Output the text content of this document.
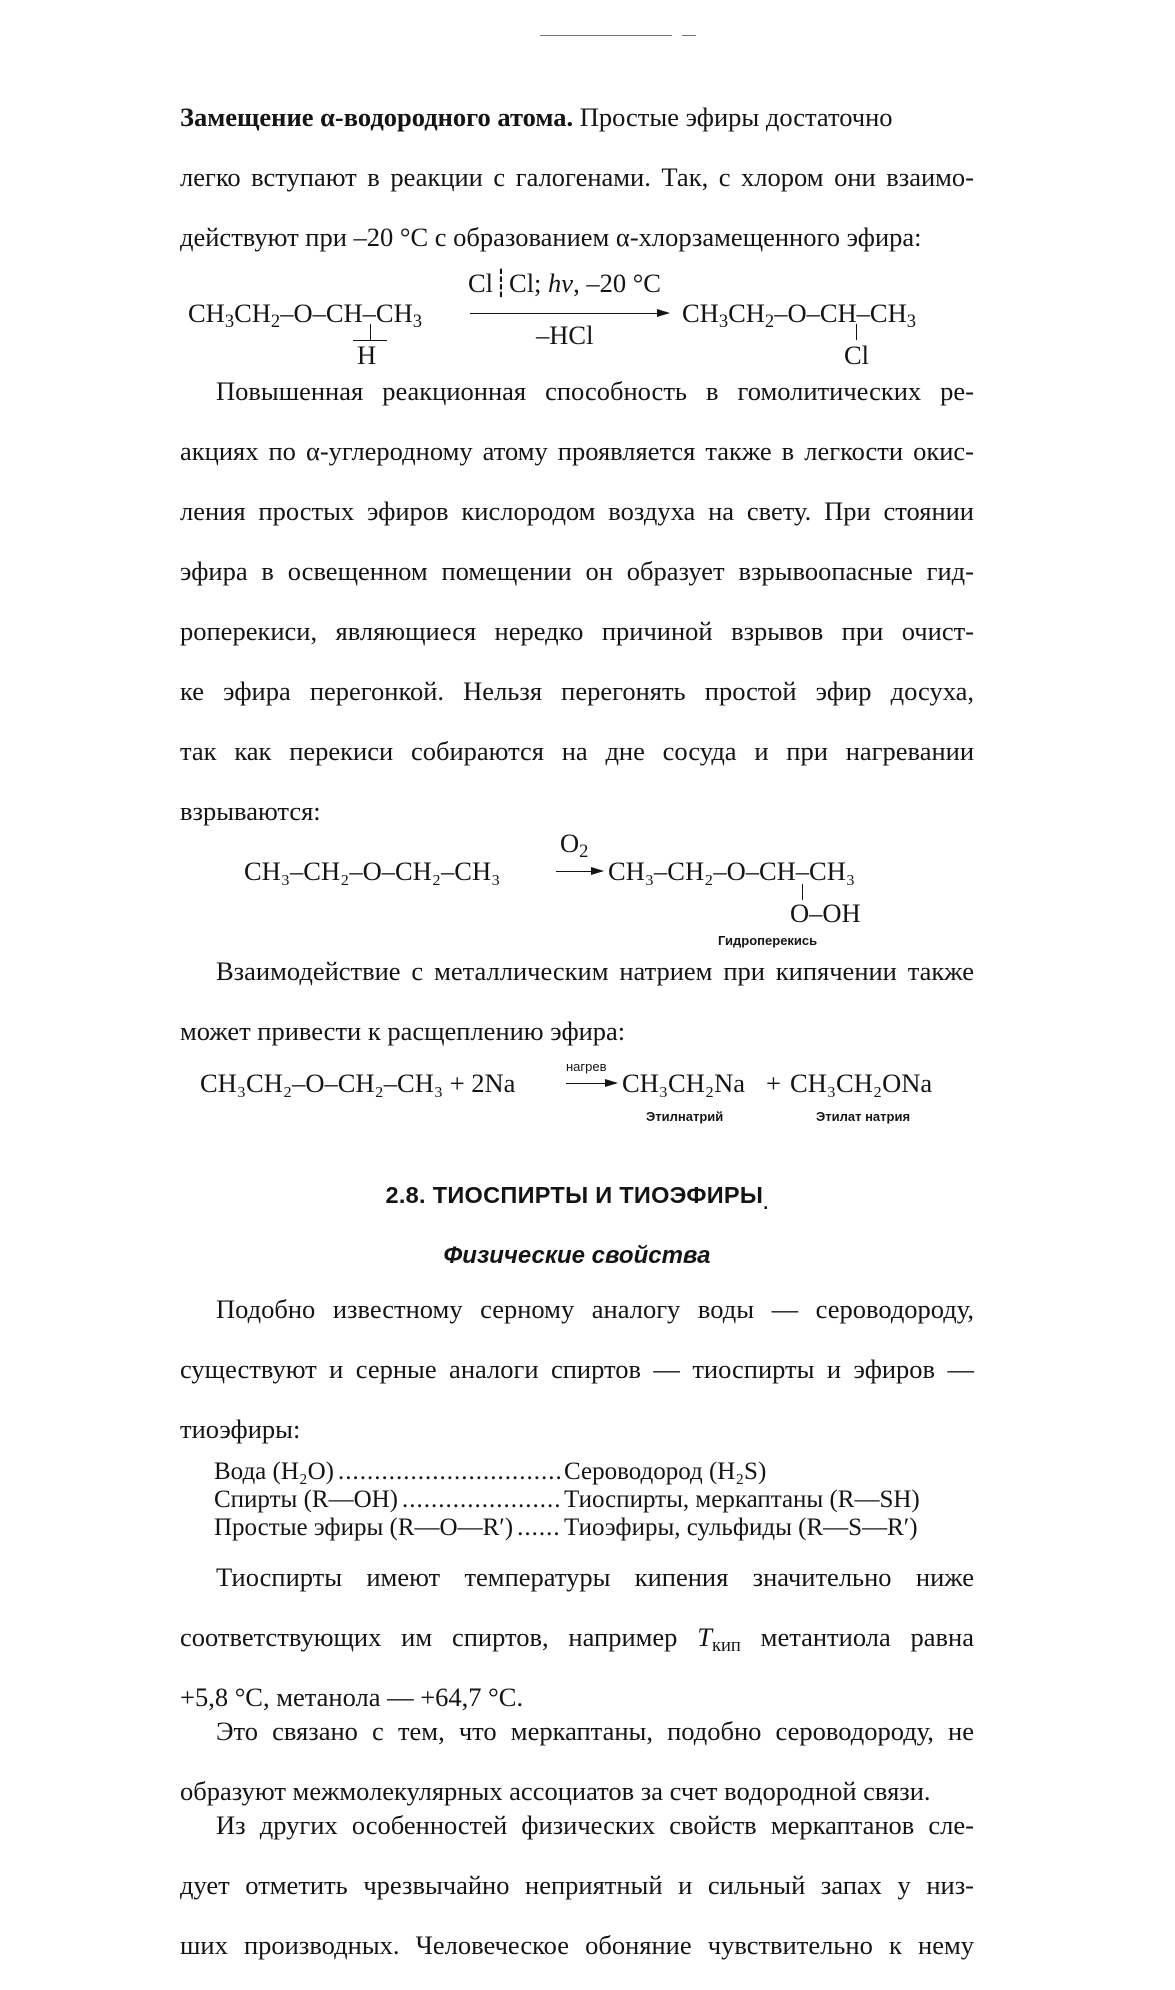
Замещение α-водородного атома. Простые эфиры достаточно

легко вступают в реакции с галогенами. Так, с хлором они взаимо-

действуют при –20 °С с образованием α-хлорзамещенного эфира:

$CH_3CH_2-O-CH-CH_3$
H
Cl┊Cl; hν, –20 °C
–HCl
$CH_3CH_2-O-CH-CH_3$
Cl

Повышенная реакционная способность в гомолитических ре-

акциях по α-углеродному атому проявляется также в легкости окис-

ления простых эфиров кислородом воздуха на свету. При стоянии

эфира в освещенном помещении он образует взрывоопасные гид-

роперекиси, являющиеся нередко причиной взрывов при очист-

ке эфира перегонкой. Нельзя перегонять простой эфир досуха,

так как перекиси собираются на дне сосуда и при нагревании

взрываются:

CH₃–CH₂–O–CH₂–CH₃
$O_2$
→ CH₃–CH₂–O–CH–CH₃
O–OH
Гидроперекись

Взаимодействие с металлическим натрием при кипячении также

может привести к расщеплению эфира:

CH₃CH₂–O–CH₂–CH₃ + 2Na
нагрев
→ CH₃CH₂Na + CH₃CH₂ONa
Этилнатрий	Этилат натрия

2.8. ТИОСПИРТЫ И $ТИОЭФИРЫ_.$

Физические свойства

Подобно известному серному аналогу воды — сероводороду,

существуют и серные аналоги спиртов — тиоспирты и эфиров —

тиоэфиры:

Вода (H₂O) .....	Сероводород (H₂S)
Спирты (R—OH) .....	Тиоспирты, меркаптаны (R—SH)
Простые эфиры (R—O—R′) ..... Тиоэфиры, сульфиды (R—S—R′)

Тиоспирты имеют температуры кипения значительно ниже

соответствующих им спиртов, например $T_{кип}$ метантиола равна

+5,8 °С, метанола — +64,7 °С.

Это связано с тем, что меркаптаны, подобно сероводороду, не

образуют межмолекулярных ассоциатов за счет водородной связи.

Из других особенностей физических свойств меркаптанов сле-

дует отметить чрезвычайно неприятный и сильный запах у низ-

ших производных. Человеческое обоняние чувствительно к нему
